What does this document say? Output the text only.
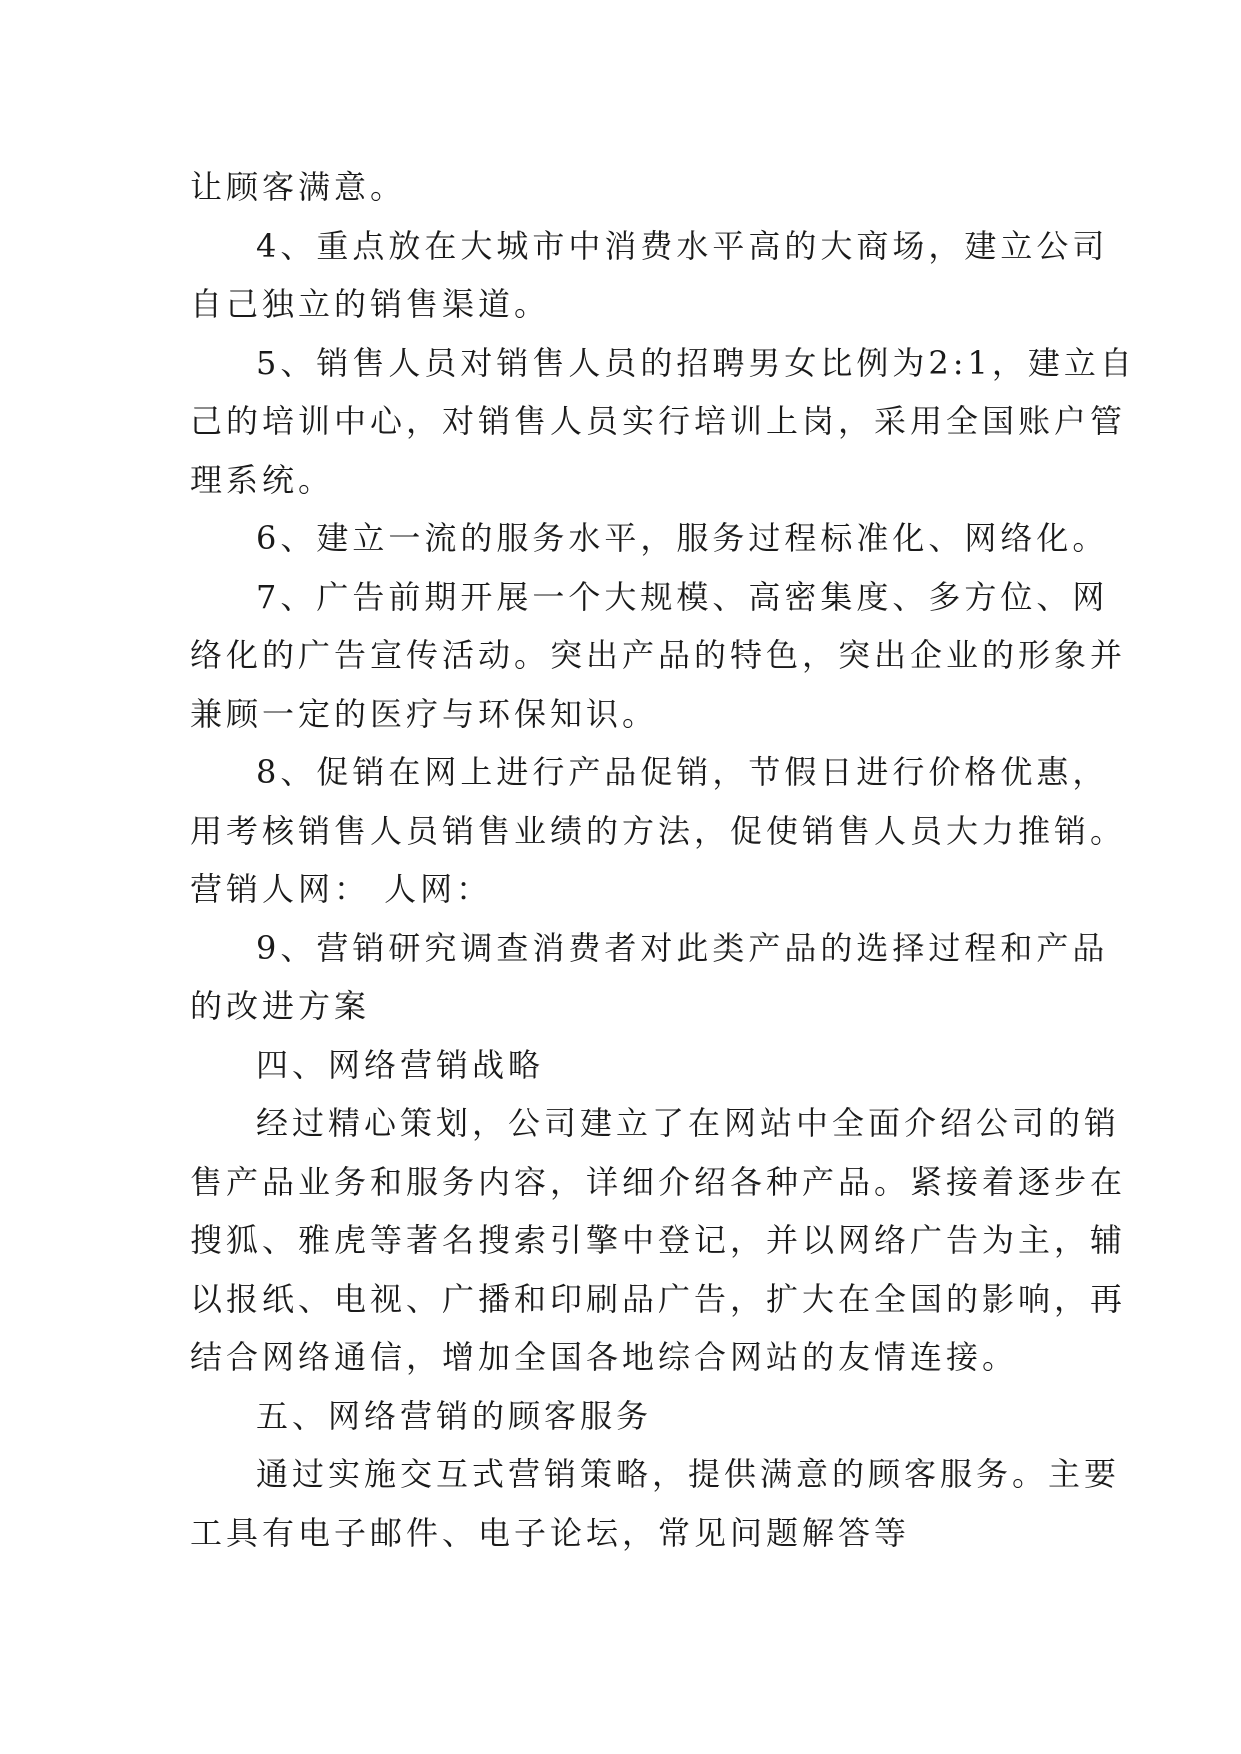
让顾客满意。
4、重点放在大城市中消费水平高的大商场，建立公司
自己独立的销售渠道。
5、销售人员对销售人员的招聘男女比例为2:1，建立自
己的培训中心，对销售人员实行培训上岗，采用全国账户管
理系统。
6、建立一流的服务水平，服务过程标准化、网络化。
7、广告前期开展一个大规模、高密集度、多方位、网
络化的广告宣传活动。突出产品的特色，突出企业的形象并
兼顾一定的医疗与环保知识。
8、促销在网上进行产品促销，节假日进行价格优惠，
用考核销售人员销售业绩的方法，促使销售人员大力推销。
营销人网： 人网：
9、营销研究调查消费者对此类产品的选择过程和产品
的改进方案
四、网络营销战略
经过精心策划，公司建立了在网站中全面介绍公司的销
售产品业务和服务内容，详细介绍各种产品。紧接着逐步在
搜狐、雅虎等著名搜索引擎中登记，并以网络广告为主，辅
以报纸、电视、广播和印刷品广告，扩大在全国的影响，再
结合网络通信，增加全国各地综合网站的友情连接。
五、网络营销的顾客服务
通过实施交互式营销策略，提供满意的顾客服务。主要
工具有电子邮件、电子论坛，常见问题解答等
